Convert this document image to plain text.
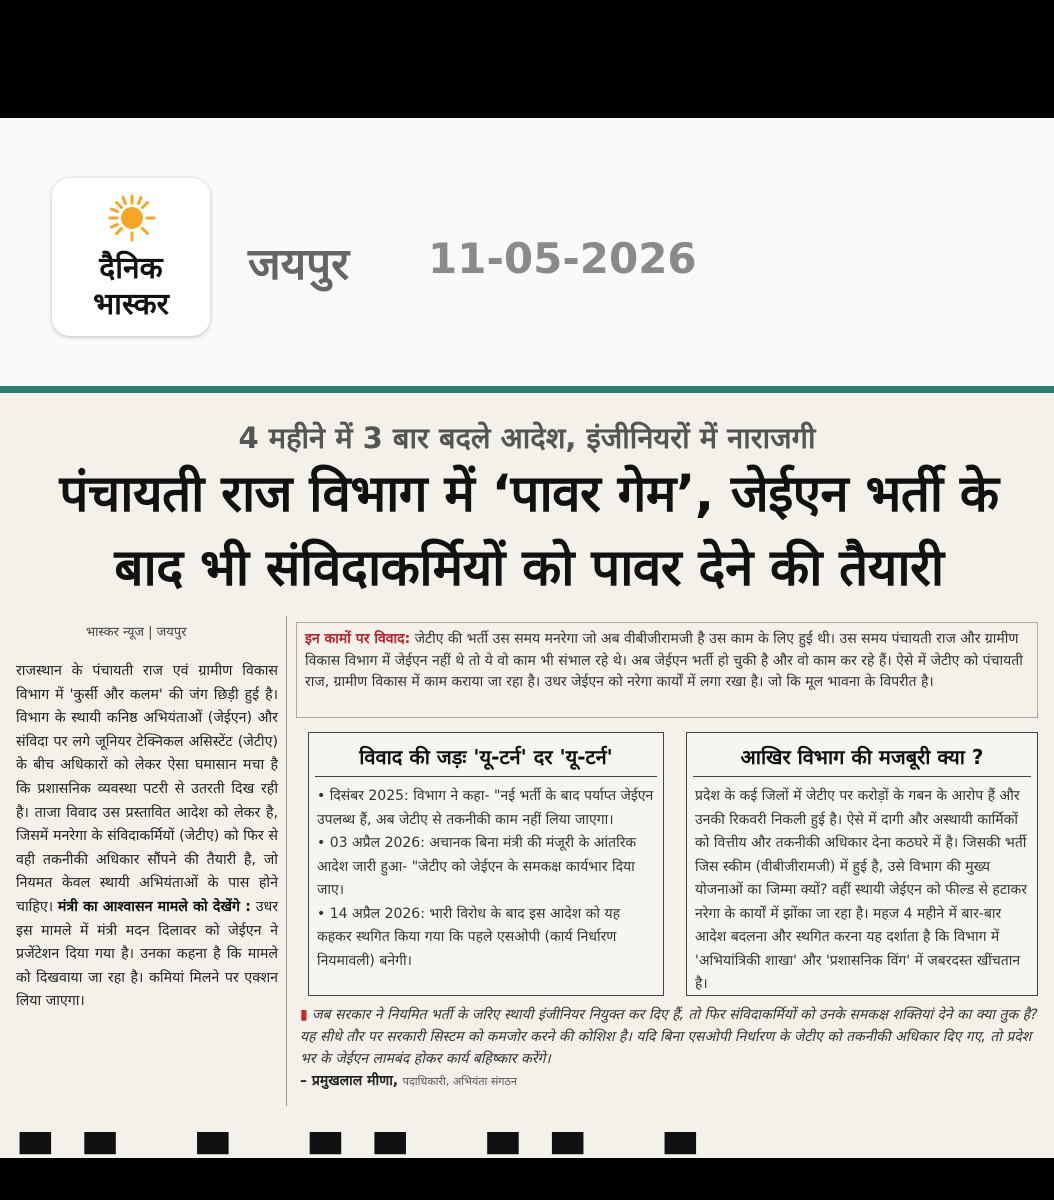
दैनिक
भास्कर
जयपुर 11-05-2026
4 महीने में 3 बार बदले आदेश, इंजीनियरों में नाराजगी
पंचायती राज विभाग में ‘पावर गेम’, जेईएन भर्ती के
बाद भी संविदाकर्मियों को पावर देने की तैयारी
भास्कर न्यूज | जयपुर
राजस्थान के पंचायती राज एवं ग्रामीण विकास विभाग में 'कुर्सी और कलम' की जंग छिड़ी हुई है। विभाग के स्थायी कनिष्ठ अभियंताओं (जेईएन) और संविदा पर लगे जूनियर टेक्निकल असिस्टेंट (जेटीए) के बीच अधिकारों को लेकर ऐसा घमासान मचा है कि प्रशासनिक व्यवस्था पटरी से उतरती दिख रही है। ताजा विवाद उस प्रस्तावित आदेश को लेकर है, जिसमें मनरेगा के संविदाकर्मियों (जेटीए) को फिर से वही तकनीकी अधिकार सौंपने की तैयारी है, जो नियमत केवल स्थायी अभियंताओं के पास होने चाहिए। मंत्री का आश्वासन मामले को देखेंगे : उधर इस मामले में मंत्री मदन दिलावर को जेईएन ने प्रजेंटेशन दिया गया है। उनका कहना है कि मामले को दिखवाया जा रहा है। कमियां मिलने पर एक्शन लिया जाएगा।
इन कामों पर विवाद: जेटीए की भर्ती उस समय मनरेगा जो अब वीबीजीरामजी है उस काम के लिए हुई थी। उस समय पंचायती राज और ग्रामीण विकास विभाग में जेईएन नहीं थे तो ये वो काम भी संभाल रहे थे। अब जेईएन भर्ती हो चुकी है और वो काम कर रहे हैं। ऐसे में जेटीए को पंचायती राज, ग्रामीण विकास में काम कराया जा रहा है। उधर जेईएन को नरेगा कार्यों में लगा रखा है। जो कि मूल भावना के विपरीत है।
विवाद की जड़ः 'यू-टर्न' दर 'यू-टर्न'

• दिसंबर 2025: विभाग ने कहा- "नई भर्ती के बाद पर्याप्त जेईएन उपलब्ध हैं, अब जेटीए से तकनीकी काम नहीं लिया जाएगा।

• 03 अप्रैल 2026: अचानक बिना मंत्री की मंजूरी के आंतरिक आदेश जारी हुआ- "जेटीए को जेईएन के समकक्ष कार्यभार दिया जाए।

• 14 अप्रैल 2026: भारी विरोध के बाद इस आदेश को यह कहकर स्थगित किया गया कि पहले एसओपी (कार्य निर्धारण नियमावली) बनेगी।

आखिर विभाग की मजबूरी क्या ?
प्रदेश के कई जिलों में जेटीए पर करोड़ों के गबन के आरोप हैं और उनकी रिकवरी निकली हुई है। ऐसे में दागी और अस्थायी कार्मिकों को वित्तीय और तकनीकी अधिकार देना कठघरे में है। जिसकी भर्ती जिस स्कीम (वीबीजीरामजी) में हुई है, उसे विभाग की मुख्य योजनाओं का जिम्मा क्यों? वहीं स्थायी जेईएन को फील्ड से हटाकर नरेगा के कार्यों में झोंका जा रहा है। महज 4 महीने में बार-बार आदेश बदलना और स्थगित करना यह दर्शाता है कि विभाग में 'अभियांत्रिकी शाखा' और 'प्रशासनिक विंग' में जबरदस्त खींचतान है।
▮ जब सरकार ने नियमित भर्ती के जरिए स्थायी इंजीनियर नियुक्त कर दिए हैं, तो फिर संविदाकर्मियों को उनके समकक्ष शक्तियां देने का क्या तुक है? यह सीधे तौर पर सरकारी सिस्टम को कमजोर करने की कोशिश है। यदि बिना एसओपी निर्धारण के जेटीए को तकनीकी अधिकार दिए गए, तो प्रदेश भर के जेईएन लामबंद होकर कार्य बहिष्कार करेंगे।
– प्रमुखलाल मीणा, पदाधिकारी, अभियंता संगठन
▀▀ ▀ ▀▀ ▀▀ ▀
